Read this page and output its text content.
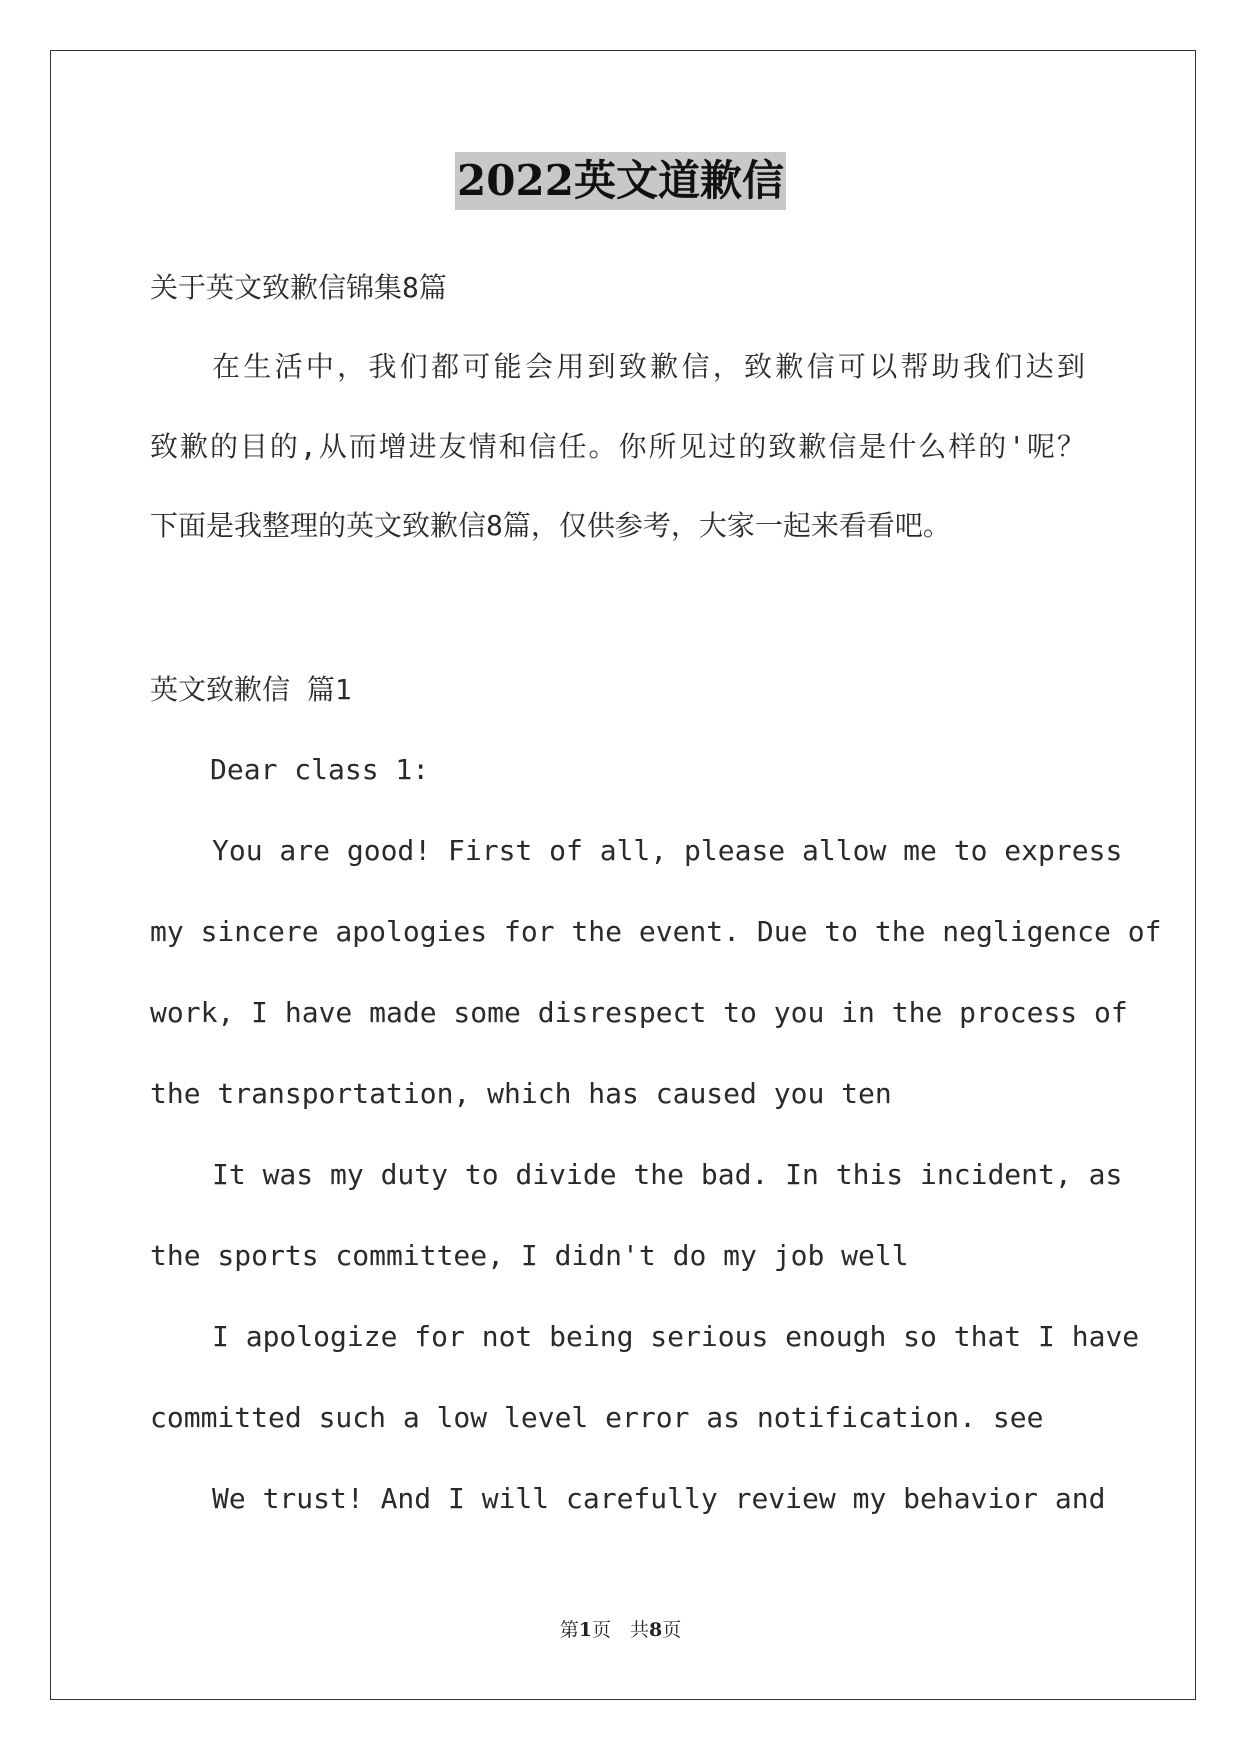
2022英文道歉信
关于英文致歉信锦集8篇
在生活中，我们都可能会用到致歉信，致歉信可以帮助我们达到
致歉的目的,从而增进友情和信任。你所见过的致歉信是什么样的'呢？
下面是我整理的英文致歉信8篇，仅供参考，大家一起来看看吧。
英文致歉信 篇1
Dear class 1:
You are good! First of all, please allow me to express
my sincere apologies for the event. Due to the negligence of
work, I have made some disrespect to you in the process of
the transportation, which has caused you ten
It was my duty to divide the bad. In this incident, as
the sports committee, I didn't do my job well
I apologize for not being serious enough so that I have
committed such a low level error as notification. see
We trust! And I will carefully review my behavior and
第1页　共8页
